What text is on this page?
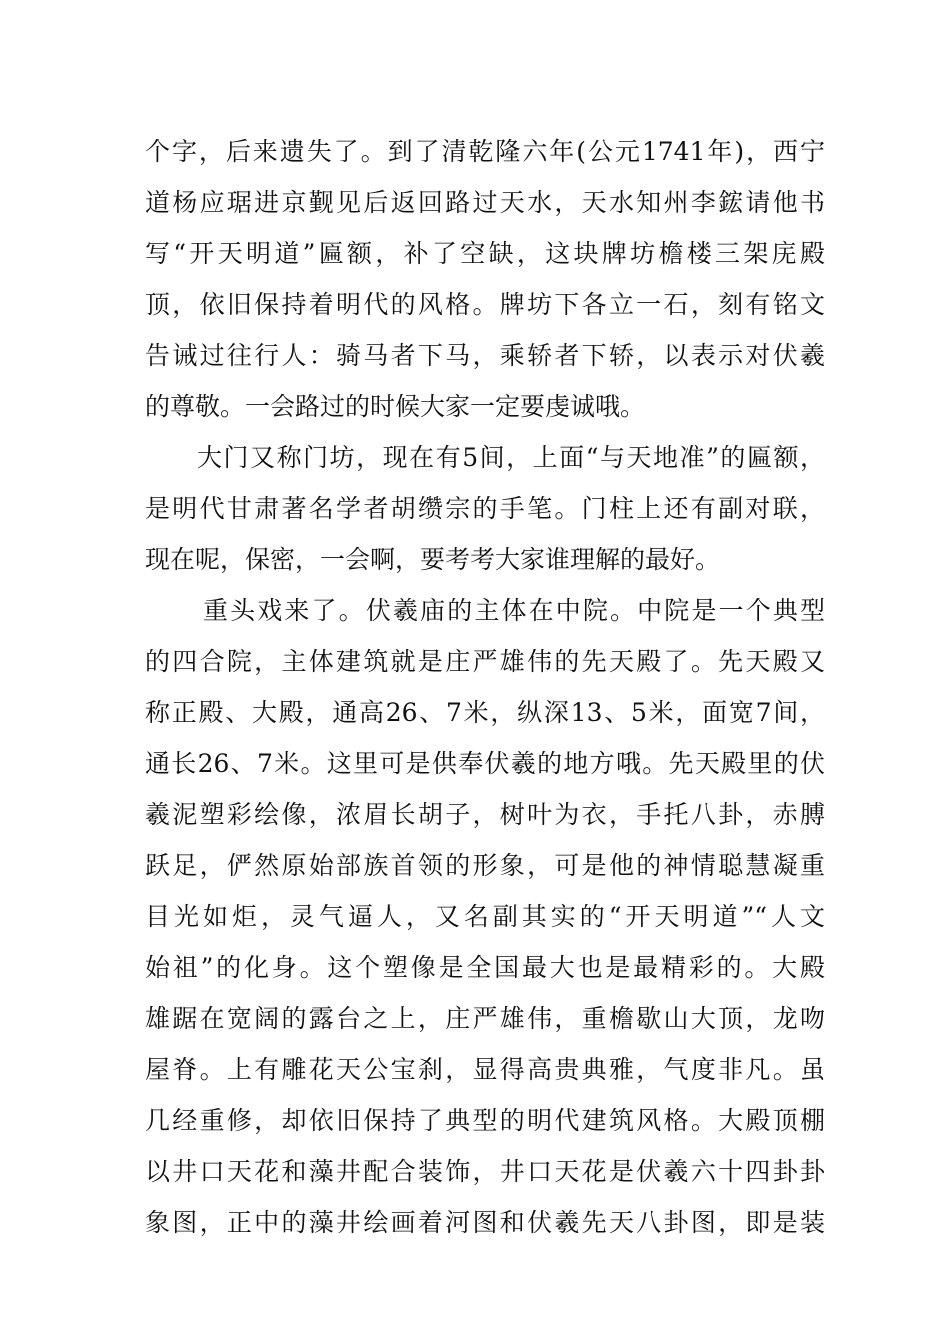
个字，后来遗失了。到了清乾隆六年(公元1741年)，西宁
道杨应琚进京觐见后返回路过天水，天水知州李鋐请他书
写“开天明道”匾额，补了空缺，这块牌坊檐楼三架庑殿
顶，依旧保持着明代的风格。牌坊下各立一石，刻有铭文
告诫过往行人：骑马者下马，乘轿者下轿，以表示对伏羲
的尊敬。一会路过的时候大家一定要虔诚哦。
大门又称门坊，现在有5间，上面“与天地准”的匾额，
是明代甘肃著名学者胡缵宗的手笔。门柱上还有副对联，
现在呢，保密，一会啊，要考考大家谁理解的最好。
重头戏来了。伏羲庙的主体在中院。中院是一个典型
的四合院，主体建筑就是庄严雄伟的先天殿了。先天殿又
称正殿、大殿，通高26、7米，纵深13、5米，面宽7间，
通长26、7米。这里可是供奉伏羲的地方哦。先天殿里的伏
羲泥塑彩绘像，浓眉长胡子，树叶为衣，手托八卦，赤膊
跃足，俨然原始部族首领的形象，可是他的神情聪慧凝重
目光如炬，灵气逼人，又名副其实的“开天明道”“人文
始祖”的化身。这个塑像是全国最大也是最精彩的。大殿
雄踞在宽阔的露台之上，庄严雄伟，重檐歇山大顶，龙吻
屋脊。上有雕花天公宝刹，显得高贵典雅，气度非凡。虽
几经重修，却依旧保持了典型的明代建筑风格。大殿顶棚
以井口天花和藻井配合装饰，井口天花是伏羲六十四卦卦
象图，正中的藻井绘画着河图和伏羲先天八卦图，即是装
